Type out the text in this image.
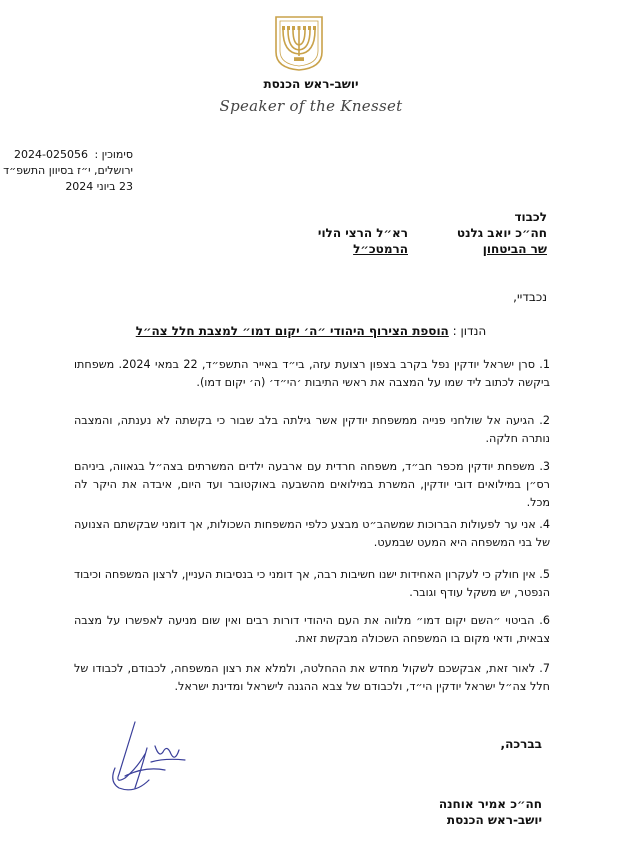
יושב-ראש הכנסת
Speaker of the Knesset
סימוכין : 2024-025056
ירושלים, י״ז בסיוון התשפ״ד
23 ביוני 2024
לכבוד
חה״כ יואב גלנט
שר הביטחון
רא״ל הרצי הלוי
הרמטכ״ל
נכבדיי,
הנדון : הוספת הצירוף היהודי ״ה׳ יקום דמו״ למצבת חלל צה״ל
1. סרן ישראל יודקין נפל בקרב בצפון רצועת עזה, בי״ד באייר התשפ״ד, 22 במאי 2024. משפחתו ביקשה לכתוב ליד שמו על המצבה את ראשי התיבות ׳הי״ד׳ (ה׳ יקום דמו).
2. הגיעה אל שולחני פנייה ממשפחת יודקין אשר גילתה בלב שבור כי בקשתה לא נענתה, והמצבה נותרה חלקה.
3. משפחת יודקין מכפר חב״ד, משפחה חרדית עם ארבעה ילדים המשרתים בצה״ל בגאווה, ביניהם רס״ן במילואים דובי יודקין, המשרת במילואים מהשבעה באוקטובר ועד היום, איבדה את היקר לה מכל.
4. אני ער לפעולות הברוכות שמשהב״ט מבצע כלפי המשפחות השכולות, אך דומני שבקשתם הצנועה של בני המשפחה היא המעט שבמעט.
5. אין חולק כי לעקרון האחידות ישנו חשיבות רבה, אך דומני כי בנסיבות העניין, לרצון המשפחה וכיבוד הנפטר, יש משקל עודף וגובר.
6. הביטוי ״השם יקום דמו״ מלווה את העם היהודי דורות רבים ואין שום מניעה לאפשרו על מצבה צבאית, ודאי מקום בו המשפחה השכולה מבקשת זאת.
7. לאור זאת, אבקשכם לשקול מחדש את ההחלטה, ולמלא את רצון המשפחה, לכבודם, לכבודו של חלל צה״ל ישראל יודקין הי״ד, ולכבודם של צבא ההגנה לישראל ומדינת ישראל.
בברכה,
חה״כ אמיר אוחנה
יושב-ראש הכנסת
